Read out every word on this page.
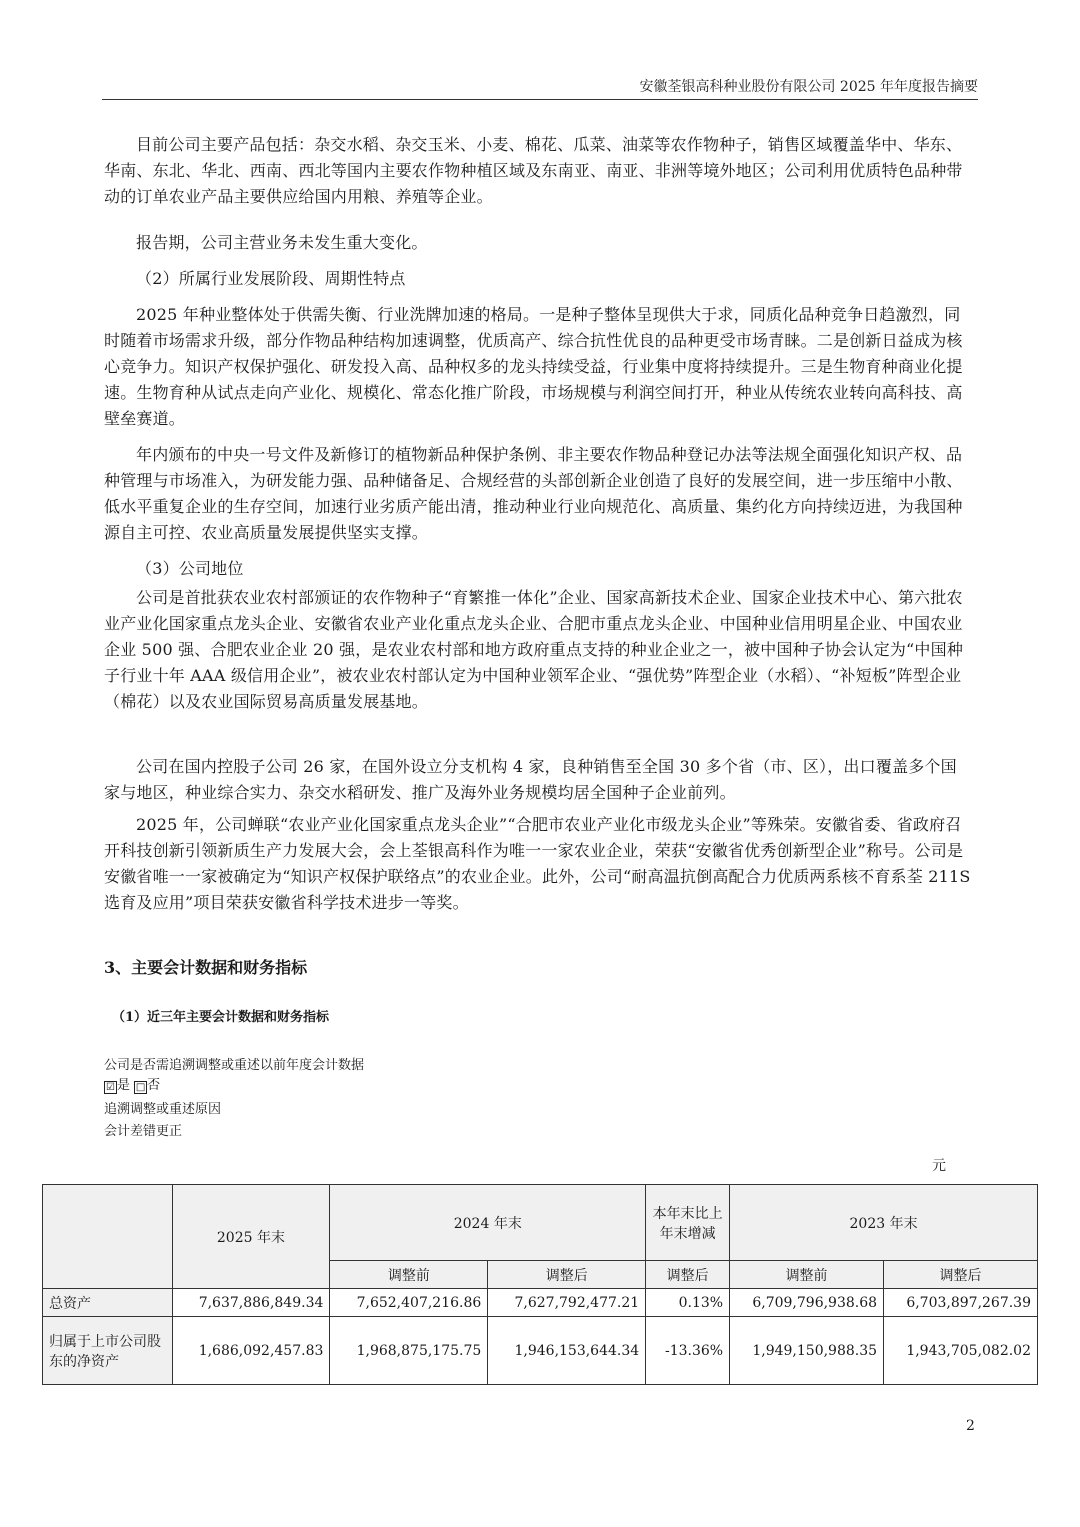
安徽荃银高科种业股份有限公司 2025 年年度报告摘要

目前公司主要产品包括：杂交水稻、杂交玉米、小麦、棉花、瓜菜、油菜等农作物种子，销售区域覆盖华中、华东、华南、东北、华北、西南、西北等国内主要农作物种植区域及东南亚、南亚、非洲等境外地区；公司利用优质特色品种带动的订单农业产品主要供应给国内用粮、养殖等企业。

报告期，公司主营业务未发生重大变化。

（2）所属行业发展阶段、周期性特点

2025 年种业整体处于供需失衡、行业洗牌加速的格局。一是种子整体呈现供大于求，同质化品种竞争日趋激烈，同时随着市场需求升级，部分作物品种结构加速调整，优质高产、综合抗性优良的品种更受市场青睐。二是创新日益成为核心竞争力。知识产权保护强化、研发投入高、品种权多的龙头持续受益，行业集中度将持续提升。三是生物育种商业化提速。生物育种从试点走向产业化、规模化、常态化推广阶段，市场规模与利润空间打开，种业从传统农业转向高科技、高壁垒赛道。

年内颁布的中央一号文件及新修订的植物新品种保护条例、非主要农作物品种登记办法等法规全面强化知识产权、品种管理与市场准入，为研发能力强、品种储备足、合规经营的头部创新企业创造了良好的发展空间，进一步压缩中小散、低水平重复企业的生存空间，加速行业劣质产能出清，推动种业行业向规范化、高质量、集约化方向持续迈进，为我国种源自主可控、农业高质量发展提供坚实支撑。

（3）公司地位

公司是首批获农业农村部颁证的农作物种子“育繁推一体化”企业、国家高新技术企业、国家企业技术中心、第六批农业产业化国家重点龙头企业、安徽省农业产业化重点龙头企业、合肥市重点龙头企业、中国种业信用明星企业、中国农业企业 500 强、合肥农业企业 20 强，是农业农村部和地方政府重点支持的种业企业之一，被中国种子协会认定为“中国种子行业十年 AAA 级信用企业”，被农业农村部认定为中国种业领军企业、“强优势”阵型企业（水稻）、“补短板”阵型企业（棉花）以及农业国际贸易高质量发展基地。

公司在国内控股子公司 26 家，在国外设立分支机构 4 家，良种销售至全国 30 多个省（市、区），出口覆盖多个国家与地区，种业综合实力、杂交水稻研发、推广及海外业务规模均居全国种子企业前列。

2025 年，公司蝉联“农业产业化国家重点龙头企业”“合肥市农业产业化市级龙头企业”等殊荣。安徽省委、省政府召开科技创新引领新质生产力发展大会，会上荃银高科作为唯一一家农业企业，荣获“安徽省优秀创新型企业”称号。公司是安徽省唯一一家被确定为“知识产权保护联络点”的农业企业。此外，公司“耐高温抗倒高配合力优质两系核不育系荃 211S 选育及应用”项目荣获安徽省科学技术进步一等奖。

3、主要会计数据和财务指标
（1）近三年主要会计数据和财务指标
公司是否需追溯调整或重述以前年度会计数据
☑ 是 □ 否
追溯调整或重述原因
会计差错更正
元
	2025 年末	2024 年末		本年末比上年末增减	2023 年末	
		调整前	调整后	调整后	调整前	调整后
总资产	7,637,886,849.34	7,652,407,216.86	7,627,792,477.21	0.13%	6,709,796,938.68	6,703,897,267.39
归属于上市公司股东的净资产	1,686,092,457.83	1,968,875,175.75	1,946,153,644.34	-13.36%	1,949,150,988.35	1,943,705,082.02
2
